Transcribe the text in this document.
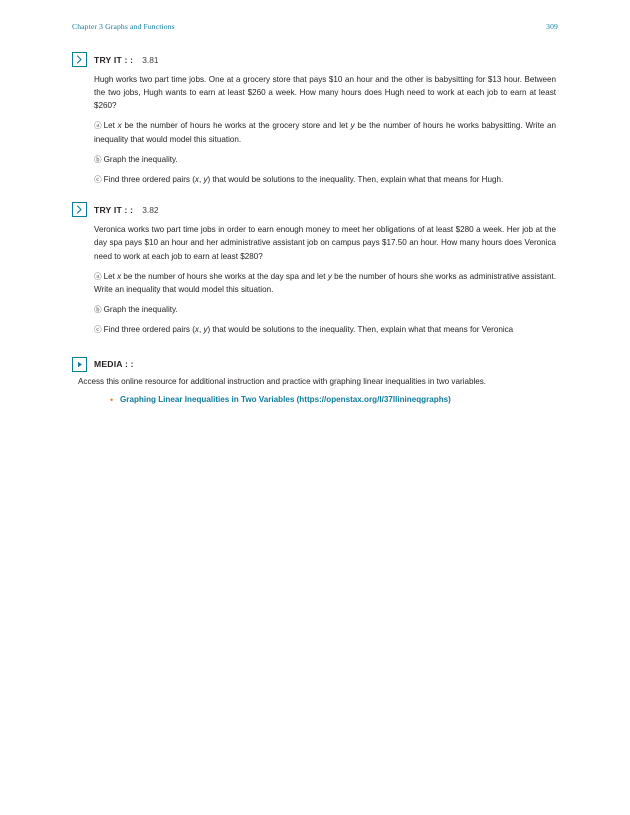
Chapter 3 Graphs and Functions	309
TRY IT : : 3.81

Hugh works two part time jobs. One at a grocery store that pays $10 an hour and the other is babysitting for $13 hour. Between the two jobs, Hugh wants to earn at least $260 a week. How many hours does Hugh need to work at each job to earn at least $260?

ⓐ Let x be the number of hours he works at the grocery store and let y be the number of hours he works babysitting. Write an inequality that would model this situation.

ⓑ Graph the inequality.

ⓒ Find three ordered pairs (x, y) that would be solutions to the inequality. Then, explain what that means for Hugh.

TRY IT : : 3.82

Veronica works two part time jobs in order to earn enough money to meet her obligations of at least $280 a week. Her job at the day spa pays $10 an hour and her administrative assistant job on campus pays $17.50 an hour. How many hours does Veronica need to work at each job to earn at least $280?

ⓐ Let x be the number of hours she works at the day spa and let y be the number of hours she works as administrative assistant. Write an inequality that would model this situation.

ⓑ Graph the inequality.

ⓒ Find three ordered pairs (x, y) that would be solutions to the inequality. Then, explain what that means for Veronica

MEDIA : :

Access this online resource for additional instruction and practice with graphing linear inequalities in two variables.

• Graphing Linear Inequalities in Two Variables (https://openstax.org/l/37llinineqgraphs)
